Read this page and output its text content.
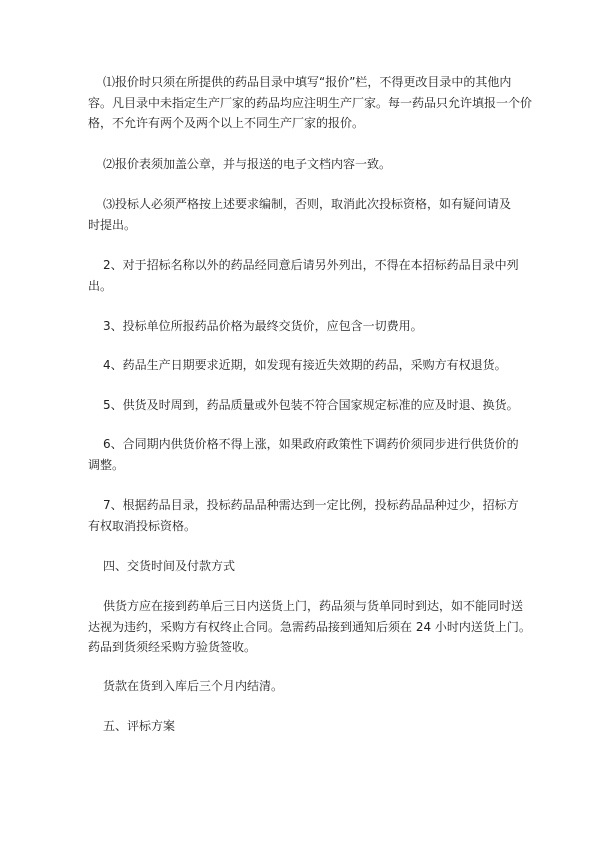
⑴报价时只须在所提供的药品目录中填写“报价”栏，不得更改目录中的其他内
容。凡目录中未指定生产厂家的药品均应注明生产厂家。每一药品只允许填报一个价
格，不允许有两个及两个以上不同生产厂家的报价。

⑵报价表须加盖公章，并与报送的电子文档内容一致。

⑶投标人必须严格按上述要求编制，否则，取消此次投标资格，如有疑问请及
时提出。

2、对于招标名称以外的药品经同意后请另外列出，不得在本招标药品目录中列
出。

3、投标单位所报药品价格为最终交货价，应包含一切费用。

4、药品生产日期要求近期，如发现有接近失效期的药品，采购方有权退货。

5、供货及时周到，药品质量或外包装不符合国家规定标准的应及时退、换货。

6、合同期内供货价格不得上涨，如果政府政策性下调药价须同步进行供货价的
调整。

7、根据药品目录，投标药品品种需达到一定比例，投标药品品种过少，招标方
有权取消投标资格。

四、交货时间及付款方式

供货方应在接到药单后三日内送货上门，药品须与货单同时到达，如不能同时送
达视为违约，采购方有权终止合同。急需药品接到通知后须在 24 小时内送货上门。
药品到货须经采购方验货签收。

货款在货到入库后三个月内结清。

五、评标方案
